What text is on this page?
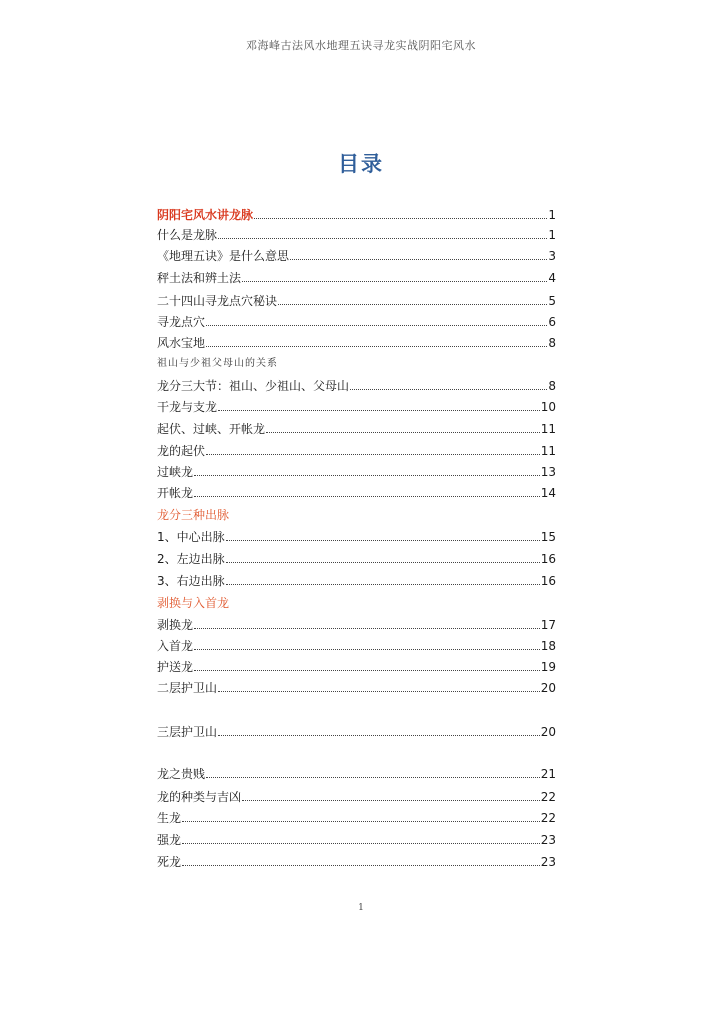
邓海峰古法风水地理五诀寻龙实战阴阳宅风水
目录
阴阳宅风水讲龙脉	1
什么是龙脉	1
《地理五诀》是什么意思	3
秤土法和辨土法	4
二十四山寻龙点穴秘诀	5
寻龙点穴	6
风水宝地	8
祖山与少祖父母山的关系
龙分三大节：祖山、少祖山、父母山	8
干龙与支龙	10
起伏、过峡、开帐龙	11
龙的起伏	11
过峡龙	13
开帐龙	14
龙分三种出脉
1、中心出脉	15
2、左边出脉	16
3、右边出脉	16
剥换与入首龙
剥换龙	17
入首龙	18
护送龙	19
二层护卫山	20
三层护卫山	20
龙之贵贱	21
龙的种类与吉凶	22
生龙	22
强龙	23
死龙	23
1
